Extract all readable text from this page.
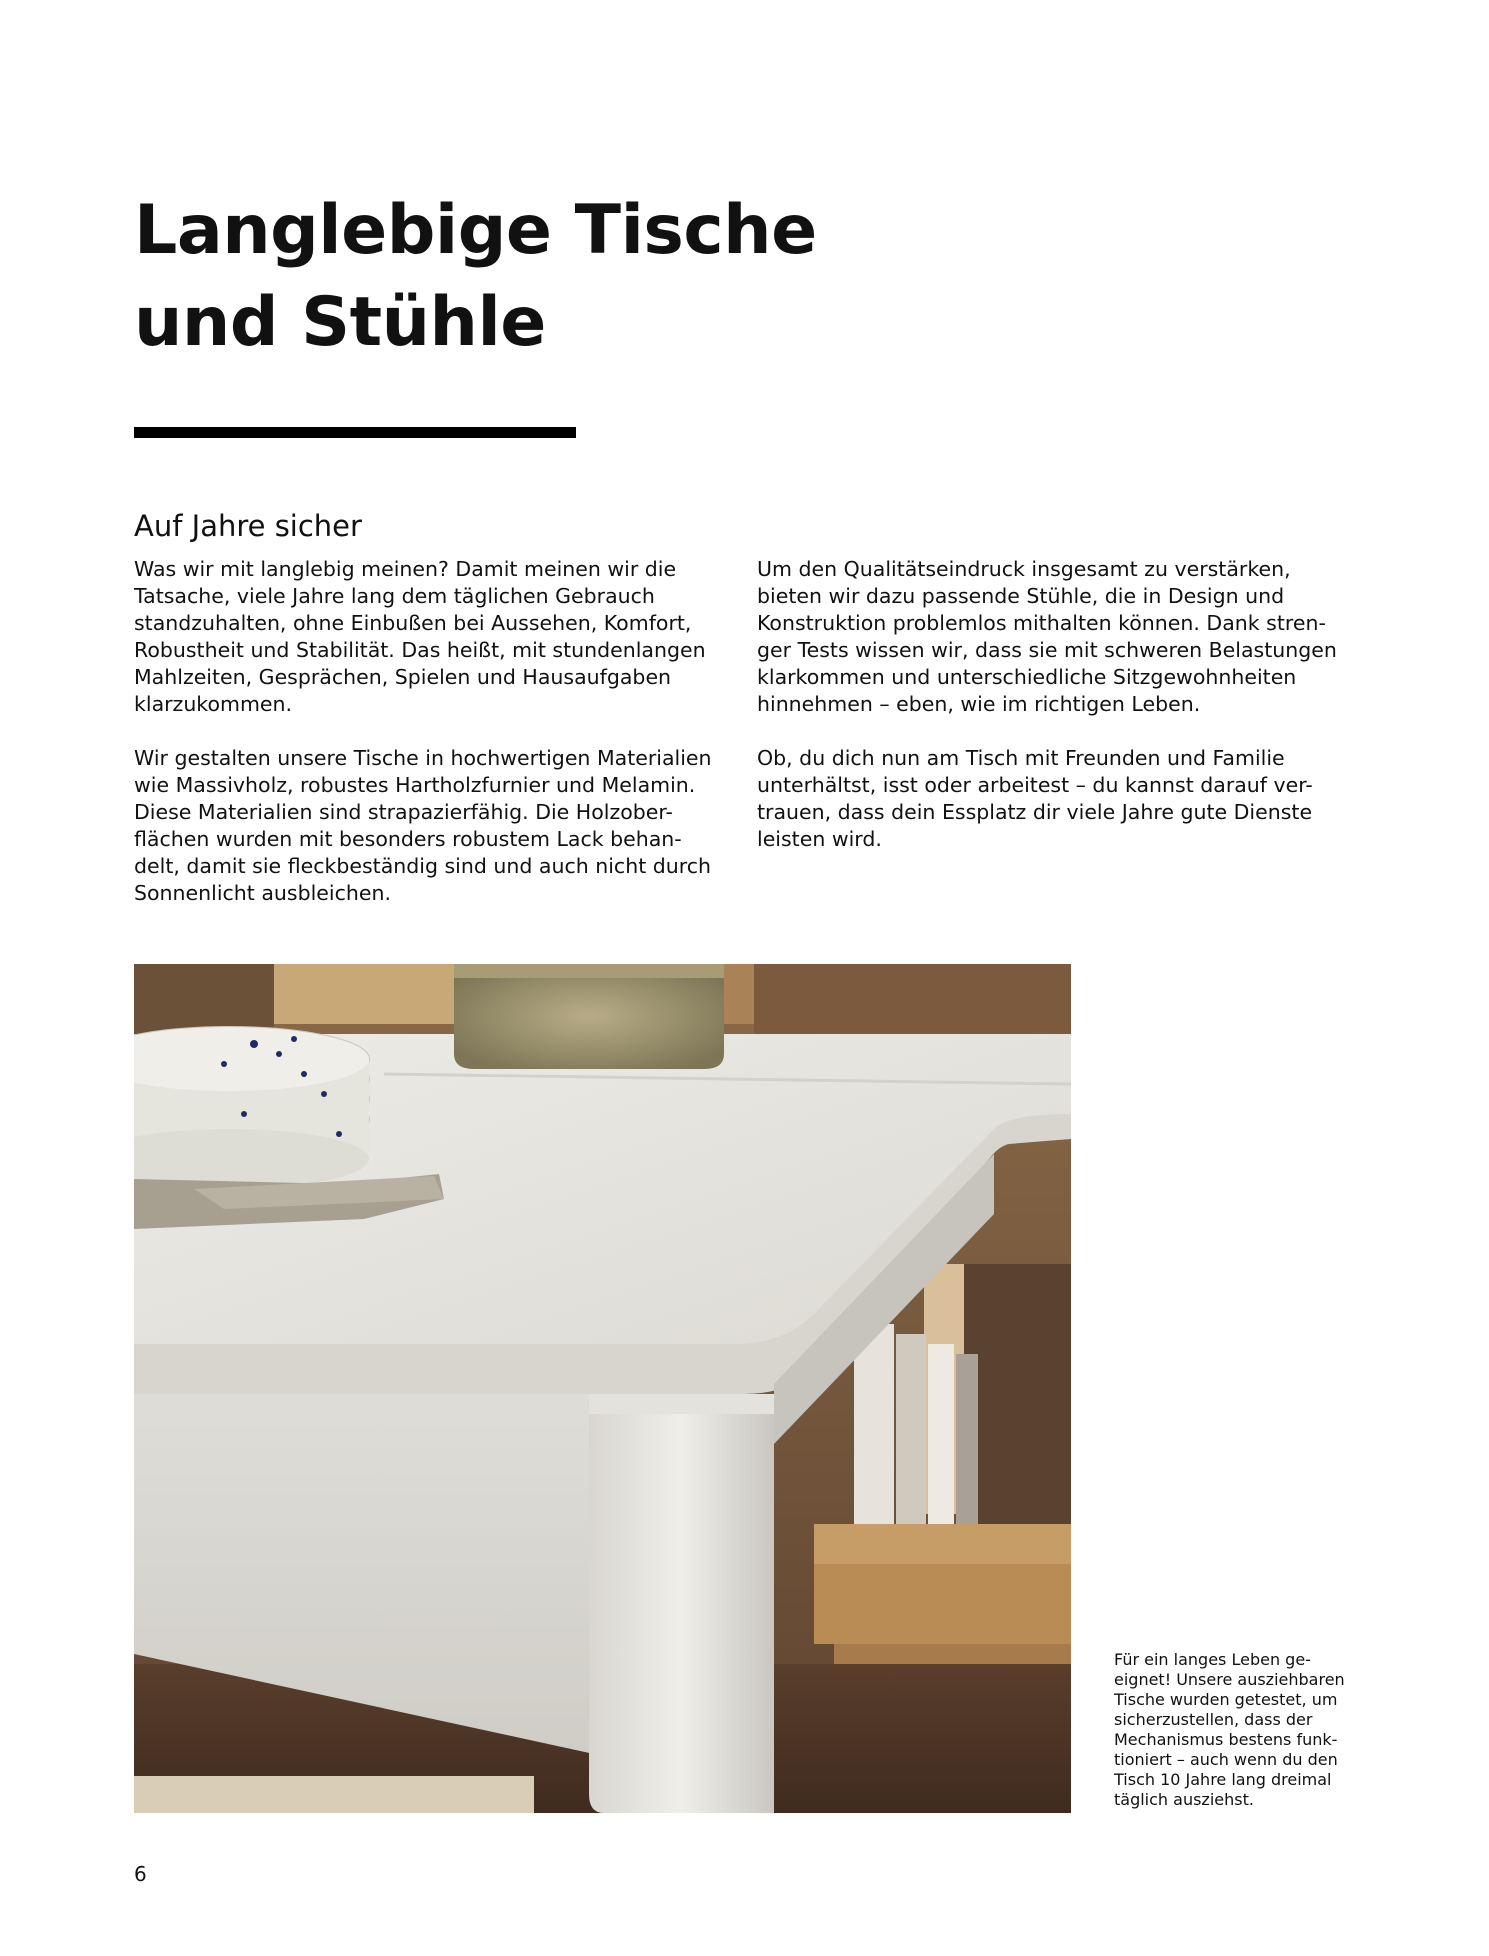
Langlebige Tische
und Stühle
Auf Jahre sicher

Was wir mit langlebig meinen? Damit meinen wir die
Tatsache, viele Jahre lang dem täglichen Gebrauch
standzuhalten, ohne Einbußen bei Aussehen, Komfort,
Robustheit und Stabilität. Das heißt, mit stundenlangen
Mahlzeiten, Gesprächen, Spielen und Hausaufgaben
klarzukommen.

Wir gestalten unsere Tische in hochwertigen Materialien
wie Massivholz, robustes Hartholzfurnier und Melamin.
Diese Materialien sind strapazierfähig. Die Holzober-
flächen wurden mit besonders robustem Lack behan-
delt, damit sie fleckbeständig sind und auch nicht durch
Sonnenlicht ausbleichen.

Um den Qualitätseindruck insgesamt zu verstärken,
bieten wir dazu passende Stühle, die in Design und
Konstruktion problemlos mithalten können. Dank stren-
ger Tests wissen wir, dass sie mit schweren Belastungen
klarkommen und unterschiedliche Sitzgewohnheiten
hinnehmen – eben, wie im richtigen Leben.

Ob, du dich nun am Tisch mit Freunden und Familie
unterhältst, isst oder arbeitest – du kannst darauf ver-
trauen, dass dein Essplatz dir viele Jahre gute Dienste
leisten wird.

Für ein langes Leben ge-
eignet! Unsere ausziehbaren
Tische wurden getestet, um
sicherzustellen, dass der
Mechanismus bestens funk-
tioniert – auch wenn du den
Tisch 10 Jahre lang dreimal
täglich ausziehst.

6
